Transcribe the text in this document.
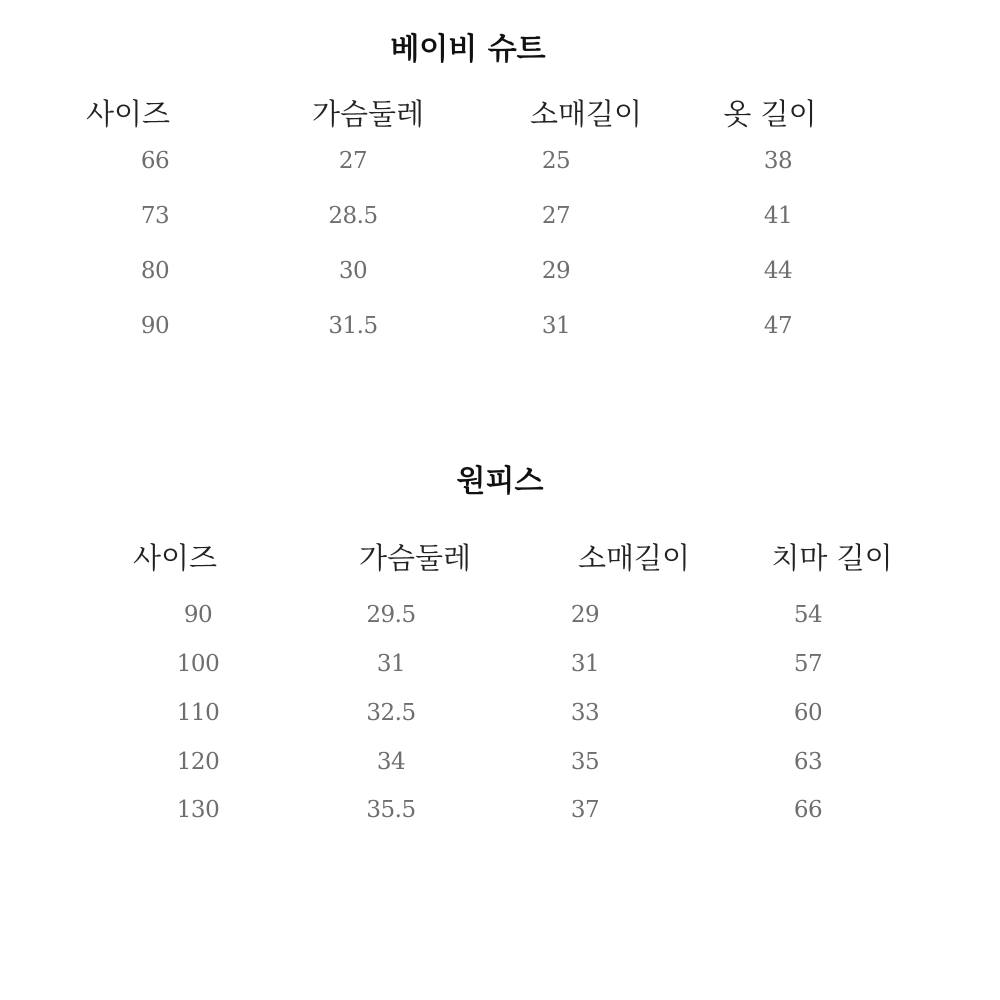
베이비 슈트
사이즈	가슴둘레	소매길이	옷 길이
66	27	25	38
73	28.5	27	41
80	30	29	44
90	31.5	31	47
원피스
사이즈	가슴둘레	소매길이	치마 길이
90	29.5	29	54
100	31	31	57
110	32.5	33	60
120	34	35	63
130	35.5	37	66
